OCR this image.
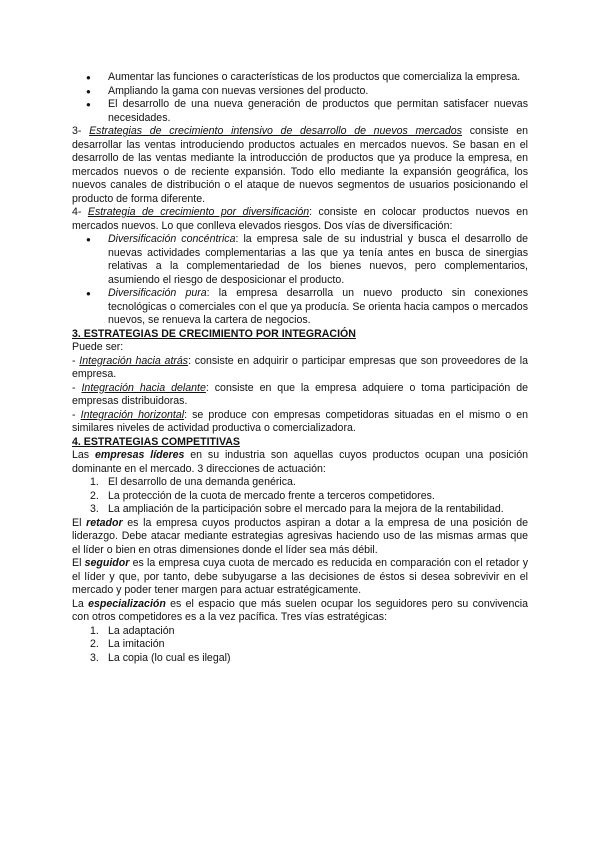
● Aumentar las funciones o características de los productos que comercializa la empresa.
● Ampliando la gama con nuevas versiones del producto.
● El desarrollo de una nueva generación de productos que permitan satisfacer nuevas necesidades.

3- Estrategias de crecimiento intensivo de desarrollo de nuevos mercados consiste en desarrollar las ventas introduciendo productos actuales en mercados nuevos. Se basan en el desarrollo de las ventas mediante la introducción de productos que ya produce la empresa, en mercados nuevos o de reciente expansión. Todo ello mediante la expansión geográfica, los nuevos canales de distribución o el ataque de nuevos segmentos de usuarios posicionando el producto de forma diferente.

4- Estrategia de crecimiento por diversificación: consiste en colocar productos nuevos en mercados nuevos. Lo que conlleva elevados riesgos. Dos vías de diversificación:

● Diversificación concéntrica: la empresa sale de su industrial y busca el desarrollo de nuevas actividades complementarias a las que ya tenía antes en busca de sinergias relativas a la complementariedad de los bienes nuevos, pero complementarios, asumiendo el riesgo de desposicionar el producto.
● Diversificación pura: la empresa desarrolla un nuevo producto sin conexiones tecnológicas o comerciales con el que ya producía. Se orienta hacia campos o mercados nuevos, se renueva la cartera de negocios.
3. ESTRATEGIAS DE CRECIMIENTO POR INTEGRACIÓN

Puede ser:

- Integración hacia atrás: consiste en adquirir o participar empresas que son proveedores de la empresa.

- Integración hacia delante: consiste en que la empresa adquiere o toma participación de empresas distribuidoras.

- Integración horizontal: se produce con empresas competidoras situadas en el mismo o en similares niveles de actividad productiva o comercializadora.

4. ESTRATEGIAS COMPETITIVAS

Las empresas líderes en su industria son aquellas cuyos productos ocupan una posición dominante en el mercado. 3 direcciones de actuación:

1. El desarrollo de una demanda genérica.
2. La protección de la cuota de mercado frente a terceros competidores.
3. La ampliación de la participación sobre el mercado para la mejora de la rentabilidad.

El retador es la empresa cuyos productos aspiran a dotar a la empresa de una posición de liderazgo. Debe atacar mediante estrategias agresivas haciendo uso de las mismas armas que el líder o bien en otras dimensiones donde el líder sea más débil.

El seguidor es la empresa cuya cuota de mercado es reducida en comparación con el retador y el líder y que, por tanto, debe subyugarse a las decisiones de éstos si desea sobrevivir en el mercado y poder tener margen para actuar estratégicamente.

La especialización es el espacio que más suelen ocupar los seguidores pero su convivencia con otros competidores es a la vez pacífica. Tres vías estratégicas:

1. La adaptación
2. La imitación
3. La copia (lo cual es ilegal)
